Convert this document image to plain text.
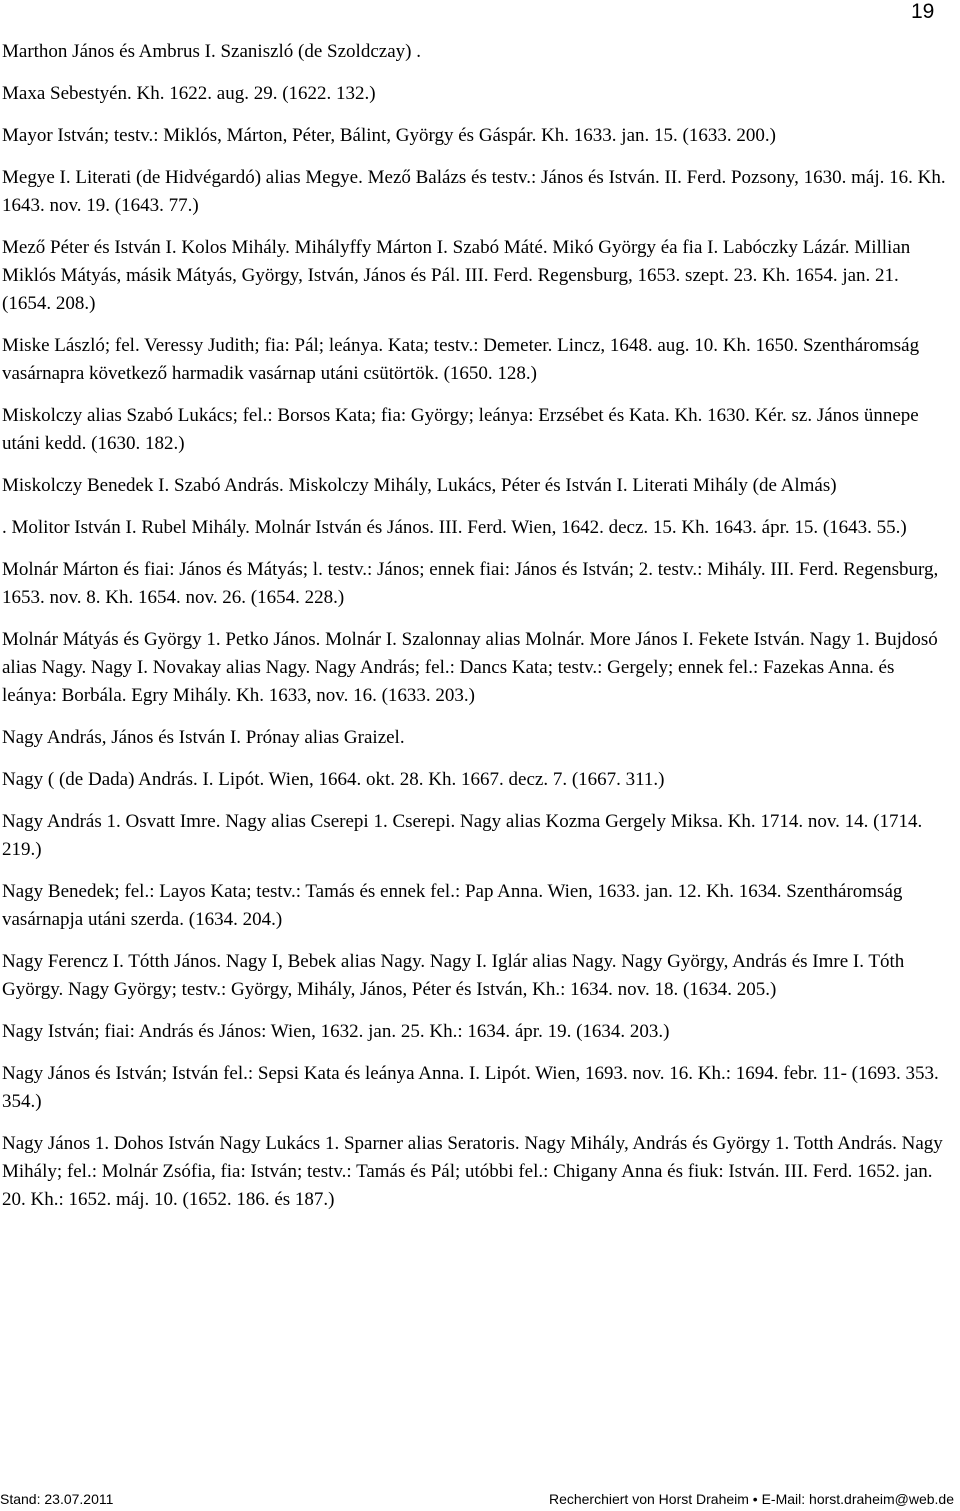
19

Marthon János és Ambrus I. Szaniszló (de Szoldczay) .

Maxa Sebestyén. Kh. 1622. aug. 29. (1622. 132.)

Mayor István; testv.: Miklós, Márton, Péter, Bálint, György és Gáspár. Kh. 1633. jan. 15. (1633. 200.)

Megye I. Literati (de Hidvégardó) alias Megye. Mező Balázs és testv.: János és István. II. Ferd. Pozsony, 1630. máj. 16. Kh. 1643. nov. 19. (1643. 77.)

Mező Péter és István I. Kolos Mihály. Mihályffy Márton I. Szabó Máté. Mikó György éa fia I. Labóczky Lázár. Millian Miklós Mátyás, másik Mátyás, György, István, János és Pál. III. Ferd. Regensburg, 1653. szept. 23. Kh. 1654. jan. 21. (1654. 208.)

Miske László; fel. Veressy Judith; fia: Pál; leánya. Kata; testv.: Demeter. Lincz, 1648. aug. 10. Kh. 1650. Szentháromság vasárnapra következő harmadik vasárnap utáni csütörtök. (1650. 128.)

Miskolczy alias Szabó Lukács; fel.: Borsos Kata; fia: György; leánya: Erzsébet és Kata. Kh. 1630. Kér. sz. János ünnepe utáni kedd. (1630. 182.)

Miskolczy Benedek I. Szabó András. Miskolczy Mihály, Lukács, Péter és István I. Literati Mihály (de Almás)

. Molitor István I. Rubel Mihály. Molnár István és János. III. Ferd. Wien, 1642. decz. 15. Kh. 1643. ápr. 15. (1643. 55.)

Molnár Márton és fiai: János és Mátyás; l. testv.: János; ennek fiai: János és István; 2. testv.: Mihály. III. Ferd. Regensburg, 1653. nov. 8. Kh. 1654. nov. 26. (1654. 228.)

Molnár Mátyás és György 1. Petko János. Molnár I. Szalonnay alias Molnár. More János I. Fekete István. Nagy 1. Bujdosó alias Nagy. Nagy I. Novakay alias Nagy. Nagy András; fel.: Dancs Kata; testv.: Gergely; ennek fel.: Fazekas Anna. és leánya: Borbála. Egry Mihály. Kh. 1633, nov. 16. (1633. 203.)

Nagy András, János és István I. Prónay alias Graizel.

Nagy ( (de Dada) András. I. Lipót. Wien, 1664. okt. 28. Kh. 1667. decz. 7. (1667. 311.)

Nagy András 1. Osvatt Imre. Nagy alias Cserepi 1. Cserepi. Nagy alias Kozma Gergely Miksa. Kh. 1714. nov. 14. (1714. 219.)

Nagy Benedek; fel.: Layos Kata; testv.: Tamás és ennek fel.: Pap Anna. Wien, 1633. jan. 12. Kh. 1634. Szentháromság vasárnapja utáni szerda. (1634. 204.)

Nagy Ferencz I. Tótth János. Nagy I, Bebek alias Nagy. Nagy I. Iglár alias Nagy. Nagy György, András és Imre I. Tóth György. Nagy György; testv.: György, Mihály, János, Péter és István, Kh.: 1634. nov. 18. (1634. 205.)

Nagy István; fiai: András és János: Wien, 1632. jan. 25. Kh.: 1634. ápr. 19. (1634. 203.)

Nagy János és István; István fel.: Sepsi Kata és leánya Anna. I. Lipót. Wien, 1693. nov. 16. Kh.: 1694. febr. 11- (1693. 353. 354.)

Nagy János 1. Dohos István Nagy Lukács 1. Sparner alias Seratoris. Nagy Mihály, András és György 1. Totth András. Nagy Mihály; fel.: Molnár Zsófia, fia: István; testv.: Tamás és Pál; utóbbi fel.: Chigany Anna és fiuk: István. III. Ferd. 1652. jan. 20. Kh.: 1652. máj. 10. (1652. 186. és 187.)

Stand: 23.07.2011	Recherchiert von Horst Draheim • E-Mail: horst.draheim@web.de
